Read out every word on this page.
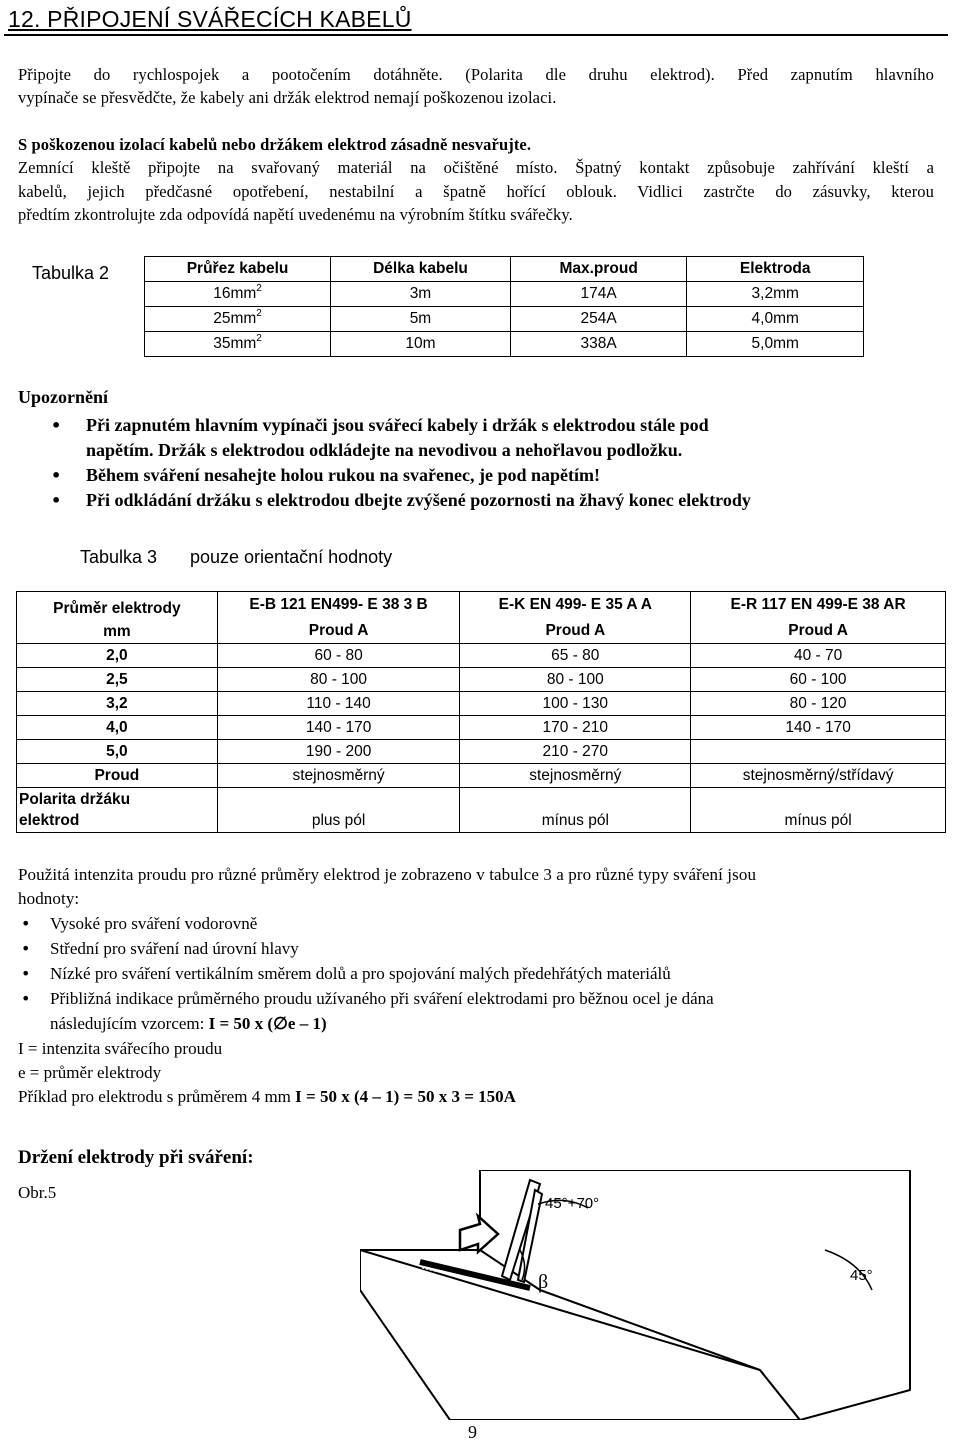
12. PŘIPOJENÍ SVÁŘECÍCH KABELŮ
Připojte do rychlospojek a pootočením dotáhněte. (Polarita dle druhu elektrod). Před zapnutím hlavního
vypínače se přesvědčte, že kabely ani držák elektrod nemají poškozenou izolaci.
S poškozenou izolací kabelů nebo držákem elektrod zásadně nesvařujte.
Zemnící kleště připojte na svařovaný materiál na očištěné místo. Špatný kontakt způsobuje zahřívání kleští a
kabelů, jejich předčasné opotřebení, nestabilní a špatně hořící oblouk. Vidlici zastrčte do zásuvky, kterou
předtím zkontrolujte zda odpovídá napětí uvedenému na výrobním štítku svářečky.
Tabulka 2	Průřez kabelu	Délka kabelu	Max.proud	Elektroda
$16mm^2$	3m	174A	3,2mm
$25mm^2$	5m	254A	4,0mm
$35mm^2$	10m	338A	5,0mm
Upozornění
• Při zapnutém hlavním vypínači jsou svářecí kabely i držák s elektrodou stále pod
napětím. Držák s elektrodou odkládejte na nevodivou a nehořlavou podložku.
• Během sváření nesahejte holou rukou na svařenec, je pod napětím!
• Při odkládání držáku s elektrodou dbejte zvýšené pozornosti na žhavý konec elektrody
Tabulka 3 pouze orientační hodnoty
Průměr elektrody
mm	E-B 121 EN499- E 38 3 B	E-K EN 499- E 35 A A	E-R 117 EN 499-E 38 AR
	Proud A	Proud A	Proud A
2,0	60 - 80	65 - 80	40 - 70
2,5	80 - 100	80 - 100	60 - 100
3,2	110 - 140	100 - 130	80 - 120
4,0	140 - 170	170 - 210	140 - 170
5,0	190 - 200	210 - 270	
Proud	stejnosměrný	stejnosměrný	stejnosměrný/střídavý
Polarita držáku
elektrod	plus pól	mínus pól	mínus pól
Použitá intenzita proudu pro různé průměry elektrod je zobrazeno v tabulce 3 a pro různé typy sváření jsou
hodnoty:
• Vysoké pro sváření vodorovně
• Střední pro sváření nad úrovní hlavy
• Nízké pro sváření vertikálním směrem dolů a pro spojování malých předehřátých materiálů
• Přibližná indikace průměrného proudu užívaného při sváření elektrodami pro běžnou ocel je dána
následujícím vzorcem: I = 50 x (∅e – 1)
I = intenzita svářecího proudu
e = průměr elektrody
Příklad pro elektrodu s průměrem 4 mm I = 50 x (4 – 1) = 50 x 3 = 150A
Držení elektrody při sváření:
Obr.5
45°+70°
45°
β
9
